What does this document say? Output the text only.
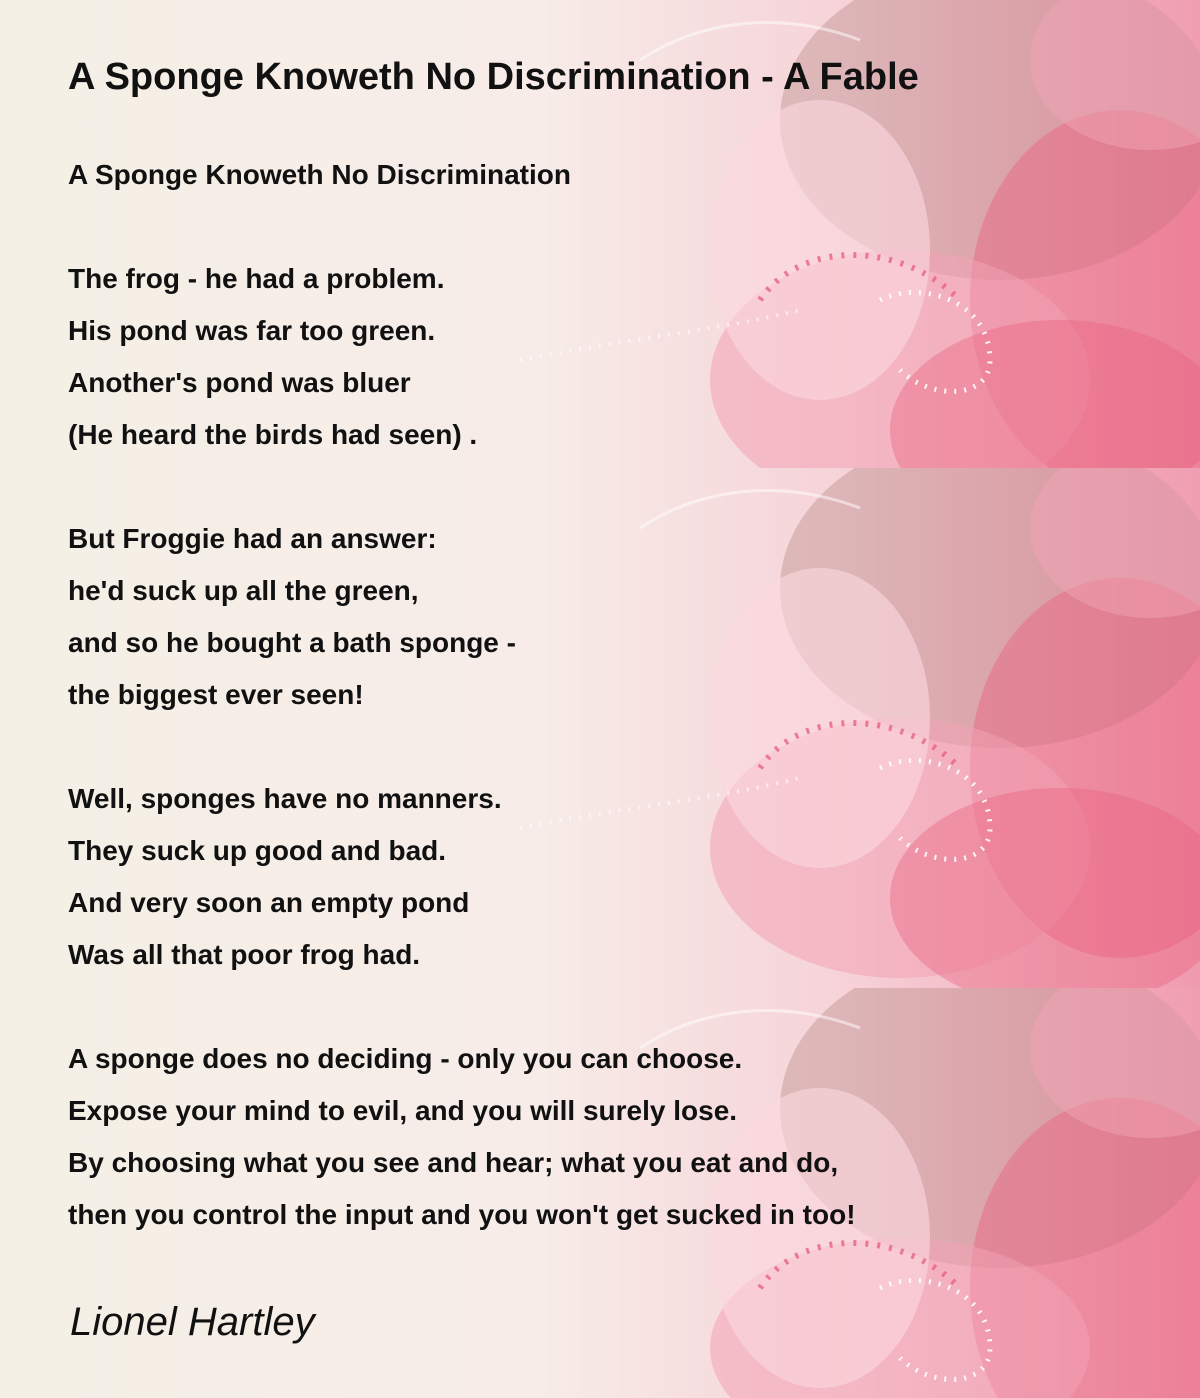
A Sponge Knoweth No Discrimination - A Fable
A Sponge Knoweth No Discrimination
The frog - he had a problem.
His pond was far too green.
Another's pond was bluer
(He heard the birds had seen) .
But Froggie had an answer:
he'd suck up all the green,
and so he bought a bath sponge -
the biggest ever seen!
Well, sponges have no manners.
They suck up good and bad.
And very soon an empty pond
Was all that poor frog had.
A sponge does no deciding - only you can choose.
Expose your mind to evil, and you will surely lose.
By choosing what you see and hear; what you eat and do,
then you control the input and you won't get sucked in too!
Lionel Hartley
